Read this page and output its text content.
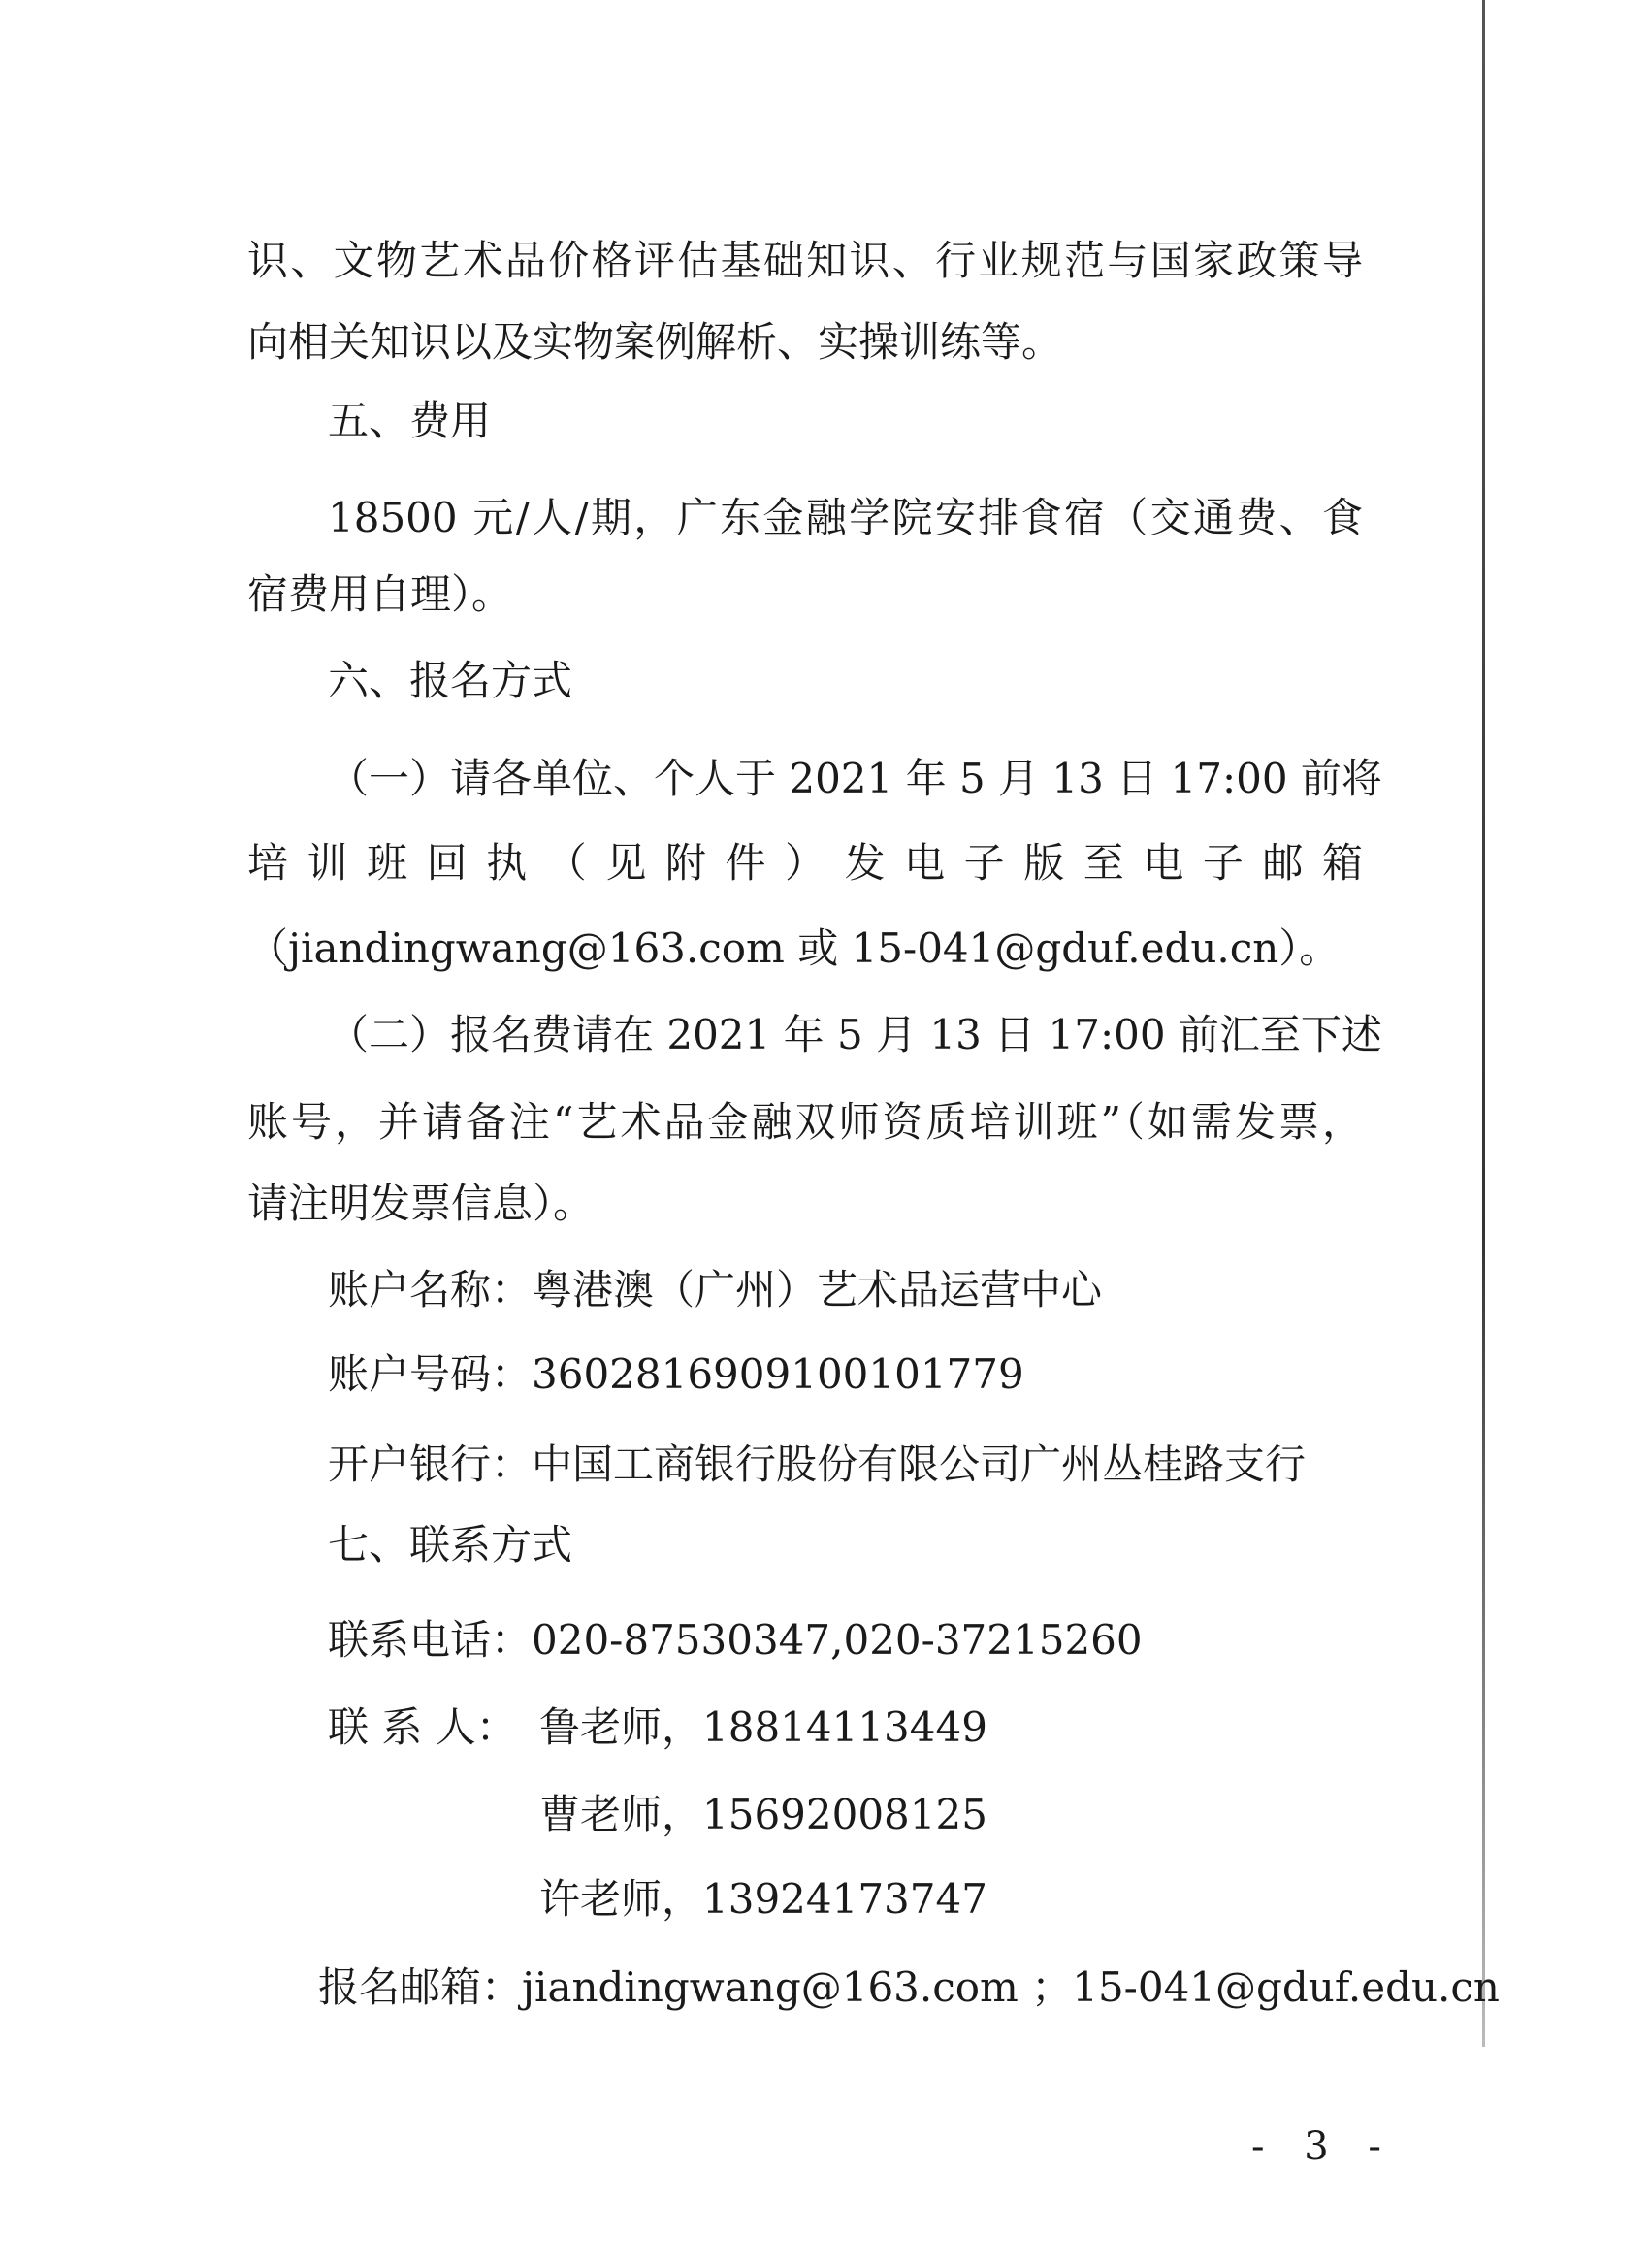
识、文物艺术品价格评估基础知识、行业规范与国家政策导
向相关知识以及实物案例解析、实操训练等。
五、费用
18500 元/人/期，广东金融学院安排食宿（交通费、食
宿费用自理）。
六、报名方式
（一）请各单位、个人于 2021 年 5 月 13 日 17:00 前将
培 训 班 回 执 （ 见 附 件 ） 发 电 子 版 至 电 子 邮 箱
（jiandingwang@163.com 或 15-041@gduf.edu.cn）。
（二）报名费请在 2021 年 5 月 13 日 17:00 前汇至下述
账号，并请备注“艺术品金融双师资质培训班”（如需发票，
请注明发票信息）。
账户名称：粤港澳（广州）艺术品运营中心
账户号码：3602816909100101779
开户银行：中国工商银行股份有限公司广州丛桂路支行
七、联系方式
联系电话：020-87530347,020-37215260
联 系 人： 鲁老师，18814113449
曹老师，15692008125
许老师，13924173747
报名邮箱：jiandingwang@163.com ；15-041@gduf.edu.cn
- 3 -
